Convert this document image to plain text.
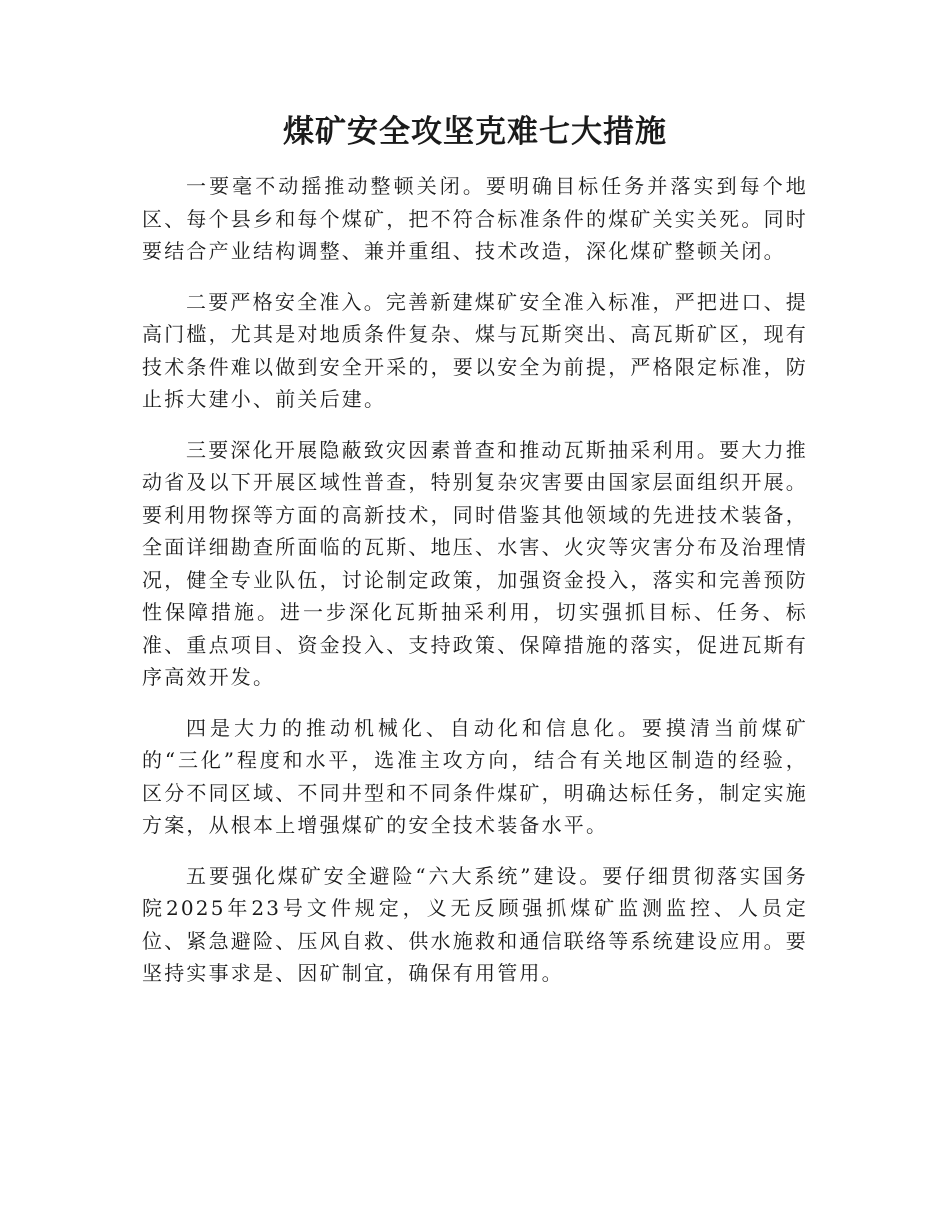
煤矿安全攻坚克难七大措施

一要毫不动摇推动整顿关闭。要明确目标任务并落实到每个地区、每个县乡和每个煤矿，把不符合标准条件的煤矿关实关死。同时要结合产业结构调整、兼并重组、技术改造，深化煤矿整顿关闭。

二要严格安全准入。完善新建煤矿安全准入标准，严把进口、提高门槛，尤其是对地质条件复杂、煤与瓦斯突出、高瓦斯矿区，现有技术条件难以做到安全开采的，要以安全为前提，严格限定标准，防止拆大建小、前关后建。

三要深化开展隐蔽致灾因素普查和推动瓦斯抽采利用。要大力推动省及以下开展区域性普查，特别复杂灾害要由国家层面组织开展。要利用物探等方面的高新技术，同时借鉴其他领域的先进技术装备，全面详细勘查所面临的瓦斯、地压、水害、火灾等灾害分布及治理情况，健全专业队伍，讨论制定政策，加强资金投入，落实和完善预防性保障措施。进一步深化瓦斯抽采利用，切实强抓目标、任务、标准、重点项目、资金投入、支持政策、保障措施的落实，促进瓦斯有序高效开发。

四是大力的推动机械化、自动化和信息化。要摸清当前煤矿的“三化”程度和水平，选准主攻方向，结合有关地区制造的经验，区分不同区域、不同井型和不同条件煤矿，明确达标任务，制定实施方案，从根本上增强煤矿的安全技术装备水平。

五要强化煤矿安全避险“六大系统”建设。要仔细贯彻落实国务院2025年23号文件规定，义无反顾强抓煤矿监测监控、人员定位、紧急避险、压风自救、供水施救和通信联络等系统建设应用。要坚持实事求是、因矿制宜，确保有用管用。
